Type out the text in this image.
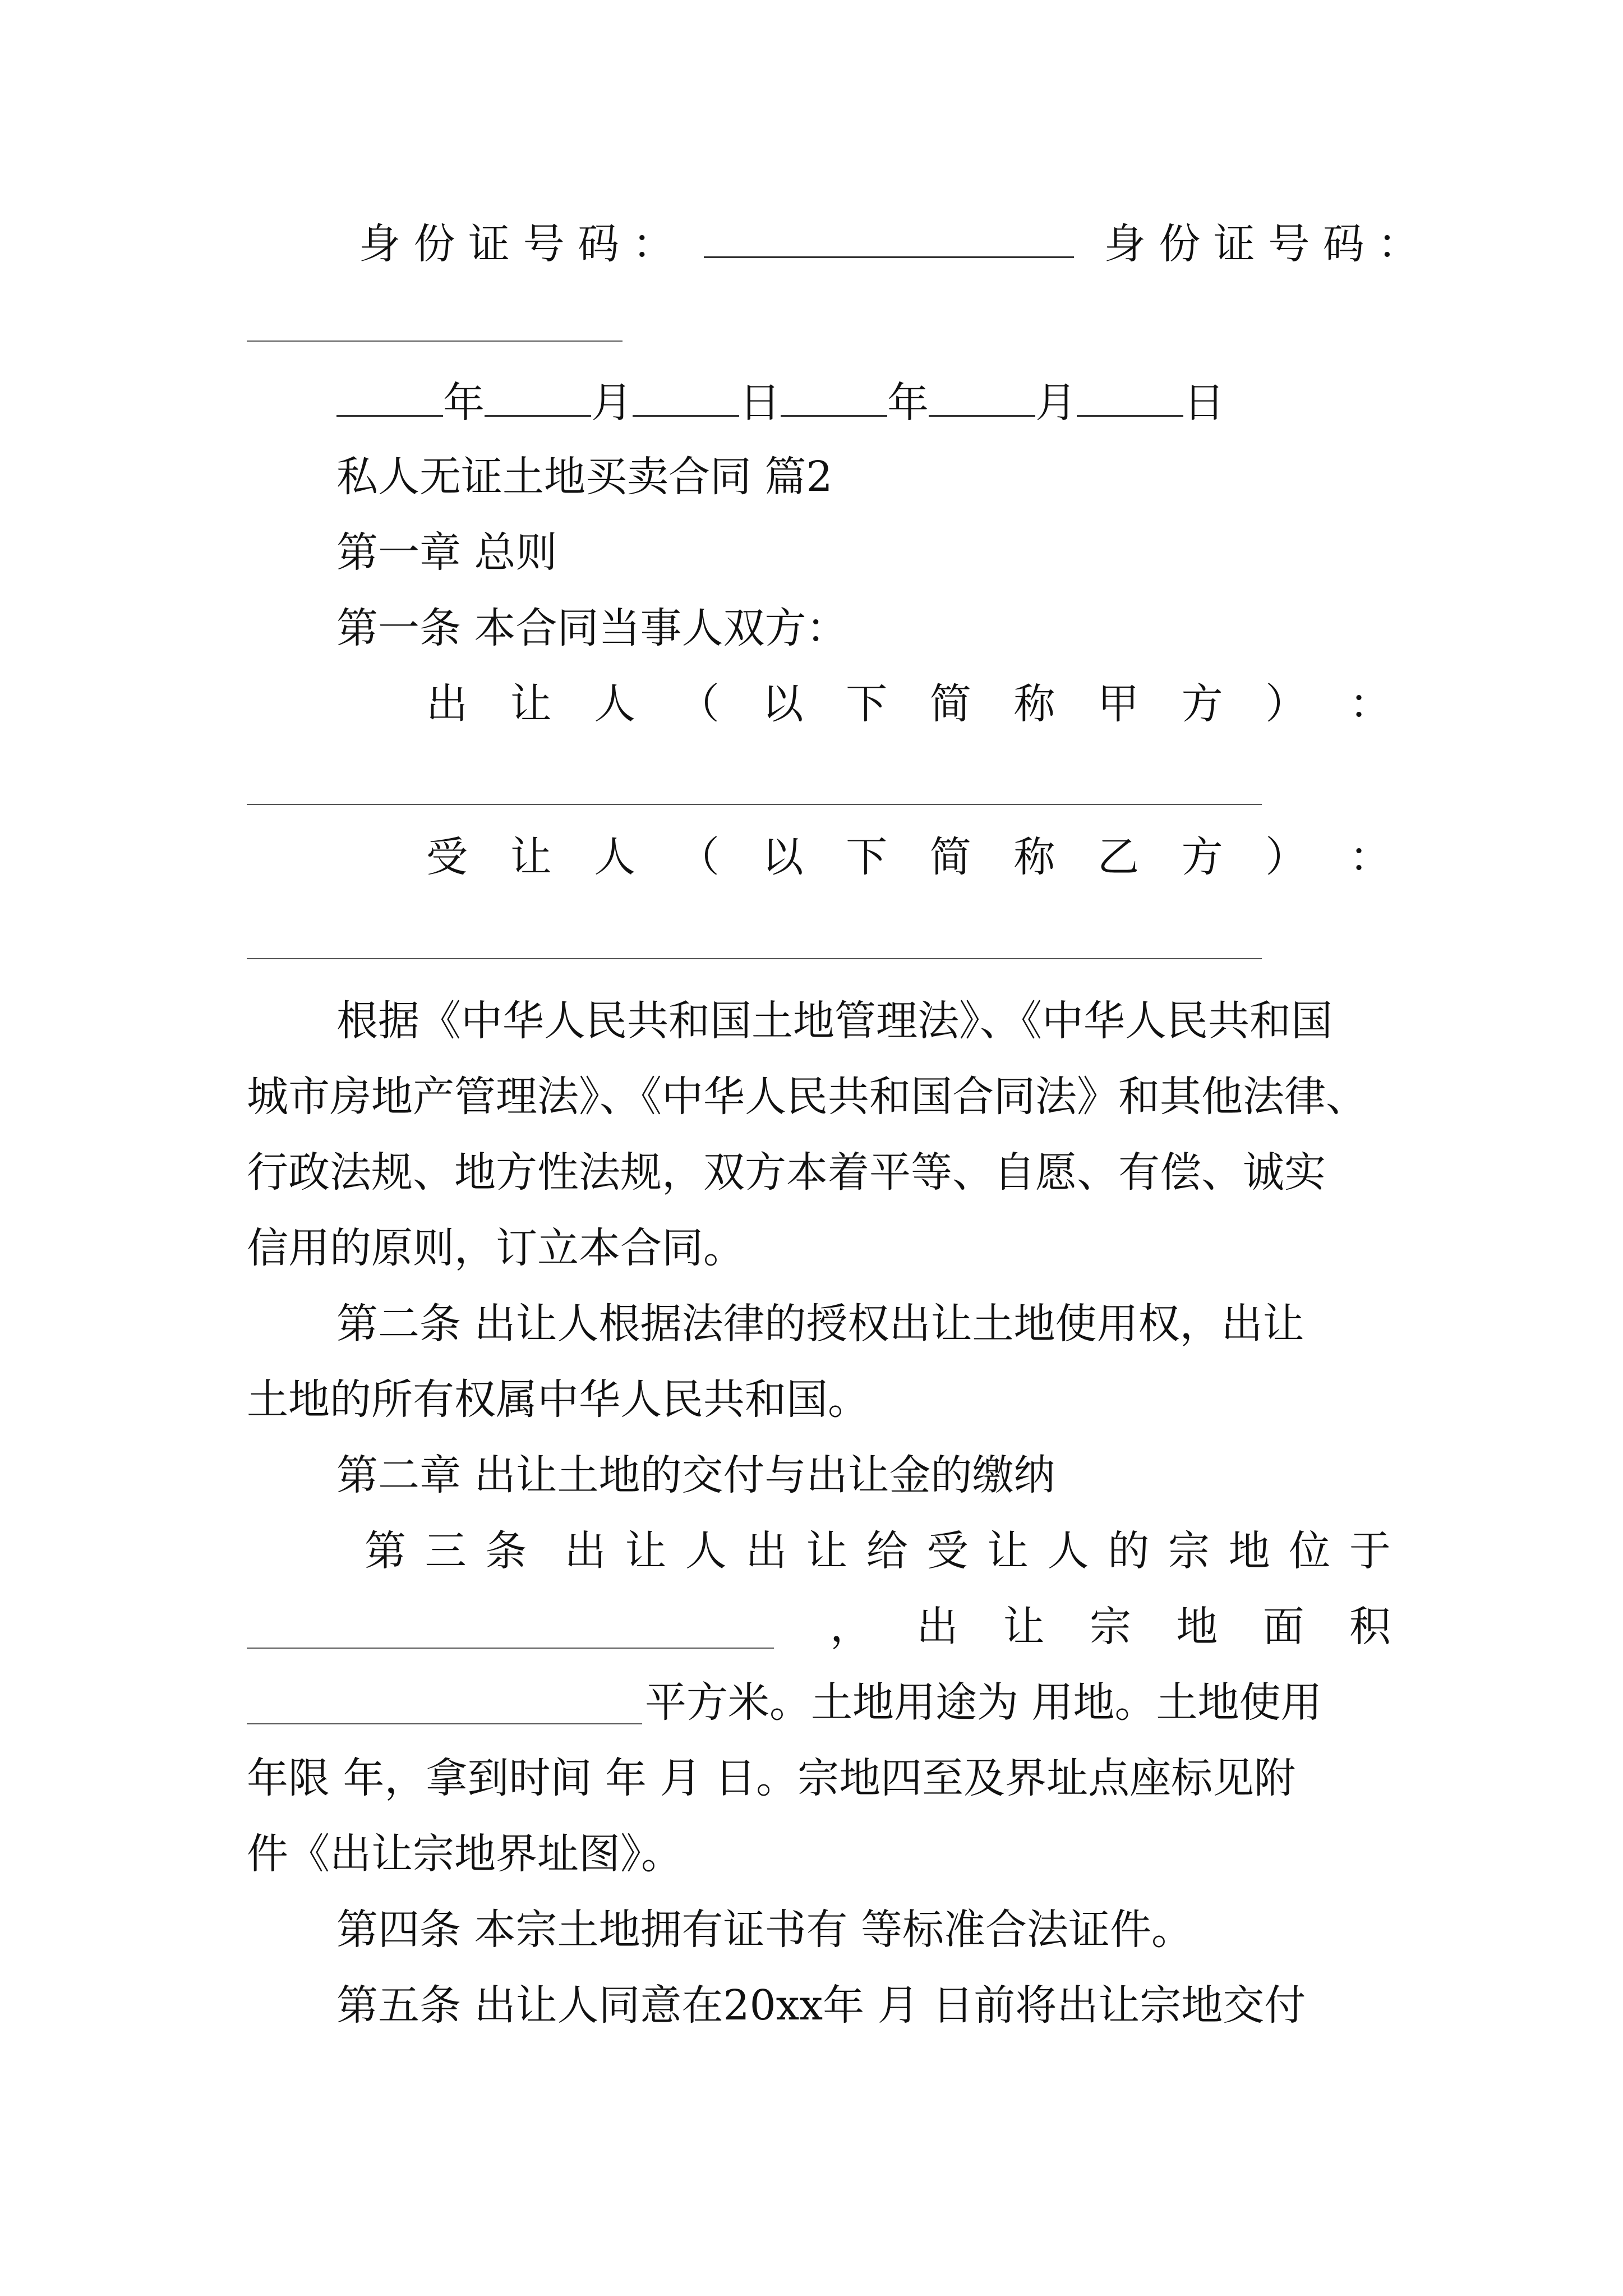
身 份 证 号 码 ：	身 份 证 号 码 ：
年	月	日	年	月	日
私人无证土地买卖合同 篇2
第一章 总则
第一条 本合同当事人双方：
出 让 人 （ 以 下 简 称 甲 方 ） ：
受 让 人 （ 以 下 简 称 乙 方 ） ：
根据《中华人民共和国土地管理法》、《中华人民共和国
城市房地产管理法》、《中华人民共和国合同法》和其他法律、
行政法规、地方性法规，双方本着平等、自愿、有偿、诚实
信用的原则，订立本合同。
第二条 出让人根据法律的授权出让土地使用权，出让
土地的所有权属中华人民共和国。
第二章 出让土地的交付与出让金的缴纳
第 三 条 出 让 人 出 让 给 受 让 人 的 宗 地 位 于
， 出 让 宗 地 面 积
平方米。土地用途为 用地。土地使用
年限 年，拿到时间 年 月 日。宗地四至及界址点座标见附
件《出让宗地界址图》。
第四条 本宗土地拥有证书有 等标准合法证件。
第五条 出让人同意在20xx年 月 日前将出让宗地交付
